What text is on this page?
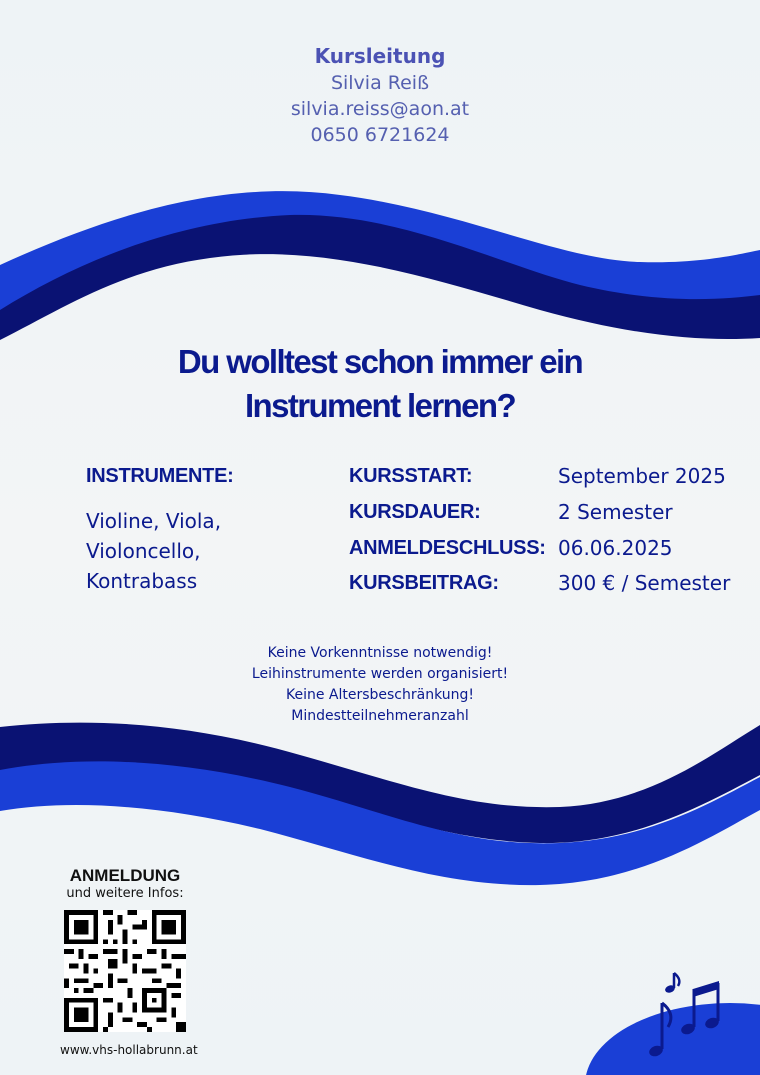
Kursleitung
Silvia Reiß
silvia.reiss@aon.at
0650 6721624
Du wolltest schon immer ein
Instrument lernen?
INSTRUMENTE:
Violine, Viola,
Violoncello,
Kontrabass
KURSSTART:	September 2025
KURSDAUER:	2 Semester
ANMELDESCHLUSS: 06.06.2025
KURSBEITRAG:	300 € / Semester
Keine Vorkenntnisse notwendig!
Leihinstrumente werden organisiert!
Keine Altersbeschränkung!
Mindestteilnehmeranzahl
ANMELDUNG
und weitere Infos:
www.vhs-hollabrunn.at
